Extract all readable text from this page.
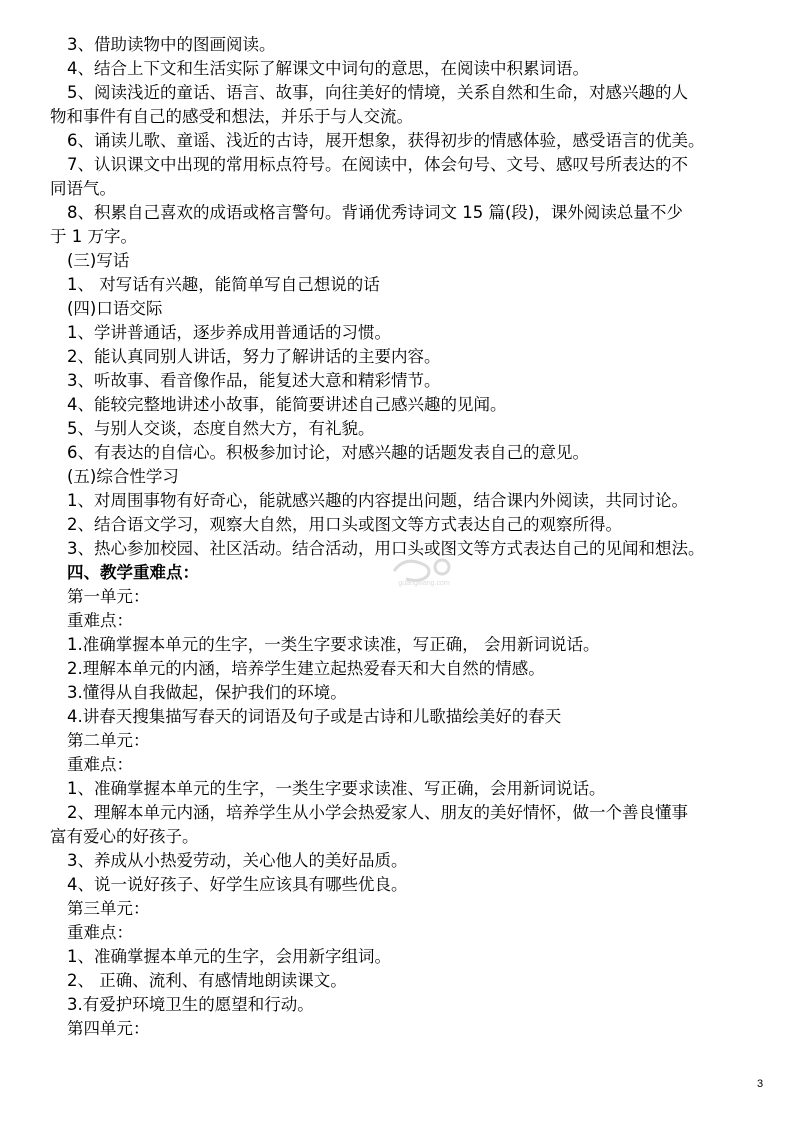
3、借助读物中的图画阅读。
4、结合上下文和生活实际了解课文中词句的意思，在阅读中积累词语。
5、阅读浅近的童话、语言、故事，向往美好的情境，关系自然和生命，对感兴趣的人
物和事件有自己的感受和想法，并乐于与人交流。
6、诵读儿歌、童谣、浅近的古诗，展开想象，获得初步的情感体验，感受语言的优美。
7、认识课文中出现的常用标点符号。在阅读中，体会句号、文号、感叹号所表达的不
同语气。
8、积累自己喜欢的成语或格言警句。背诵优秀诗词文 15 篇(段)，课外阅读总量不少
于 1 万字。
(三)写话
1、 对写话有兴趣，能简单写自己想说的话
(四)口语交际
1、学讲普通话，逐步养成用普通话的习惯。
2、能认真同别人讲话，努力了解讲话的主要内容。
3、听故事、看音像作品，能复述大意和精彩情节。
4、能较完整地讲述小故事，能简要讲述自己感兴趣的见闻。
5、与别人交谈，态度自然大方，有礼貌。
6、有表达的自信心。积极参加讨论，对感兴趣的话题发表自己的意见。
(五)综合性学习
1、对周围事物有好奇心，能就感兴趣的内容提出问题，结合课内外阅读，共同讨论。
2、结合语文学习，观察大自然，用口头或图文等方式表达自己的观察所得。
3、热心参加校园、社区活动。结合活动，用口头或图文等方式表达自己的见闻和想法。
四、教学重难点：
第一单元：
重难点：
1.准确掌握本单元的生字，一类生字要求读准，写正确， 会用新词说话。
2.理解本单元的内涵，培养学生建立起热爱春天和大自然的情感。
3.懂得从自我做起，保护我们的环境。
4.讲春天搜集描写春天的词语及句子或是古诗和儿歌描绘美好的春天
第二单元：
重难点：
1、准确掌握本单元的生字，一类生字要求读准、写正确，会用新词说话。
2、理解本单元内涵，培养学生从小学会热爱家人、朋友的美好情怀，做一个善良懂事
富有爱心的好孩子。
3、养成从小热爱劳动，关心他人的美好品质。
4、说一说好孩子、好学生应该具有哪些优良。
第三单元：
重难点：
1、准确掌握本单元的生字，会用新字组词。
2、 正确、流利、有感情地朗读课文。
3.有爱护环境卫生的愿望和行动。
第四单元：
guangwang.com
3
